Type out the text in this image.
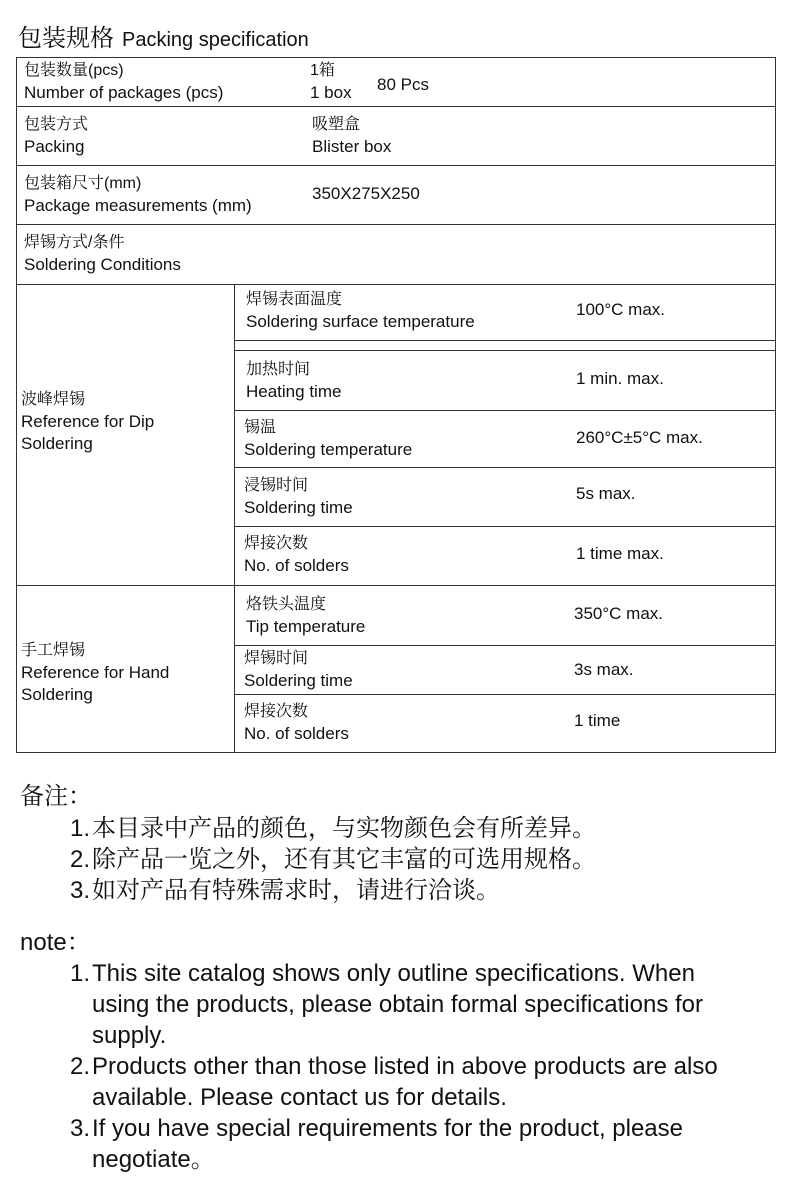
包装规格 Packing specification
包装数量(pcs)
Number of packages (pcs)
1箱
1 box 80 Pcs
包装方式
Packing
吸塑盒
Blister box
包装箱尺寸(mm)
Package measurements (mm)
350X275X250
焊锡方式/条件
Soldering Conditions
波峰焊锡
Reference for Dip
Soldering
焊锡表面温度
Soldering surface temperature
100°C max.
加热时间
Heating time
1 min. max.
锡温
Soldering temperature
260°C±5°C max.
浸锡时间
Soldering time
5s max.
焊接次数
No. of solders
1 time max.
手工焊锡
Reference for Hand
Soldering
烙铁头温度
Tip temperature
350°C max.
焊锡时间
Soldering time
3s max.
焊接次数
No. of solders
1 time
备注：
1. 本目录中产品的颜色，与实物颜色会有所差异。
2. 除产品一览之外，还有其它丰富的可选用规格。
3. 如对产品有特殊需求时，请进行洽谈。
note：
1. This site catalog shows only outline specifications. When
using the products, please obtain formal specifications for
supply.
2. Products other than those listed in above products are also
available. Please contact us for details.
3. If you have special requirements for the product, please
negotiate。
